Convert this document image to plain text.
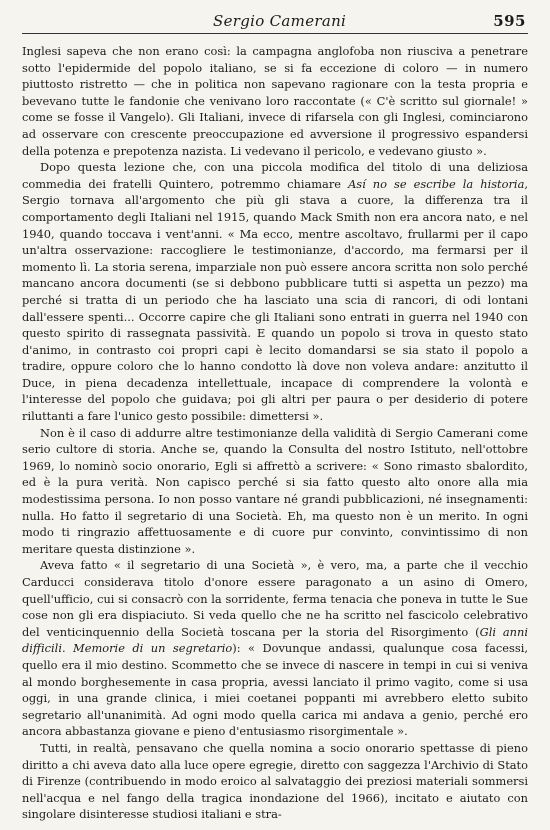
Sergio Camerani	595

Inglesi sapeva che non erano così: la campagna anglofoba non riusciva a penetrare sotto l'epidermide del popolo italiano, se si fa eccezione di coloro — in numero piuttosto ristretto — che in politica non sapevano ragionare con la testa propria e bevevano tutte le fandonie che venivano loro raccontate (« C'è scritto sul giornale! » come se fosse il Vangelo). Gli Italiani, invece di rifarsela con gli Inglesi, cominciarono ad osservare con crescente preoccupazione ed avversione il progressivo espandersi della potenza e prepotenza nazista. Li vedevano il pericolo, e vedevano giusto ».

Dopo questa lezione che, con una piccola modifica del titolo di una deliziosa commedia dei fratelli Quintero, potremmo chiamare Así no se escribe la historia, Sergio tornava all'argomento che più gli stava a cuore, la differenza tra il comportamento degli Italiani nel 1915, quando Mack Smith non era ancora nato, e nel 1940, quando toccava i vent'anni. « Ma ecco, mentre ascoltavo, frullarmi per il capo un'altra osservazione: raccogliere le testimonianze, d'accordo, ma fermarsi per il momento lì. La storia serena, imparziale non può essere ancora scritta non solo perché mancano ancora documenti (se si debbono pubblicare tutti si aspetta un pezzo) ma perché si tratta di un periodo che ha lasciato una scia di rancori, di odi lontani dall'essere spenti... Occorre capire che gli Italiani sono entrati in guerra nel 1940 con questo spirito di rassegnata passività. E quando un popolo si trova in questo stato d'animo, in contrasto coi propri capi è lecito domandarsi se sia stato il popolo a tradire, oppure coloro che lo hanno condotto là dove non voleva andare: anzitutto il Duce, in piena decadenza intellettuale, incapace di comprendere la volontà e l'interesse del popolo che guidava; poi gli altri per paura o per desiderio di potere riluttanti a fare l'unico gesto possibile: dimettersi ».

Non è il caso di addurre altre testimonianze della validità di Sergio Camerani come serio cultore di storia. Anche se, quando la Consulta del nostro Istituto, nell'ottobre 1969, lo nominò socio onorario, Egli si affrettò a scrivere: « Sono rimasto sbalordito, ed è la pura verità. Non capisco perché si sia fatto questo alto onore alla mia modestissima persona. Io non posso vantare né grandi pubblicazioni, né insegnamenti: nulla. Ho fatto il segretario di una Società. Eh, ma questo non è un merito. In ogni modo ti ringrazio affettuosamente e di cuore pur convinto, convintissimo di non meritare questa distinzione ».

Aveva fatto « il segretario di una Società », è vero, ma, a parte che il vecchio Carducci considerava titolo d'onore essere paragonato a un asino di Omero, quell'ufficio, cui si consacrò con la sorridente, ferma tenacia che poneva in tutte le Sue cose non gli era dispiaciuto. Si veda quello che ne ha scritto nel fascicolo celebrativo del venticinquennio della Società toscana per la storia del Risorgimento (Gli anni difficili. Memorie di un segretario): « Dovunque andassi, qualunque cosa facessi, quello era il mio destino. Scommetto che se invece di nascere in tempi in cui si veniva al mondo borghesemente in casa propria, avessi lanciato il primo vagito, come si usa oggi, in una grande clinica, i miei coetanei poppanti mi avrebbero eletto subito segretario all'unanimità. Ad ogni modo quella carica mi andava a genio, perché ero ancora abbastanza giovane e pieno d'entusiasmo risorgimentale ».

Tutti, in realtà, pensavano che quella nomina a socio onorario spettasse di pieno diritto a chi aveva dato alla luce opere egregie, diretto con saggezza l'Archivio di Stato di Firenze (contribuendo in modo eroico al salvataggio dei preziosi materiali sommersi nell'acqua e nel fango della tragica inondazione del 1966), incitato e aiutato con singolare disinteresse studiosi italiani e stra-
